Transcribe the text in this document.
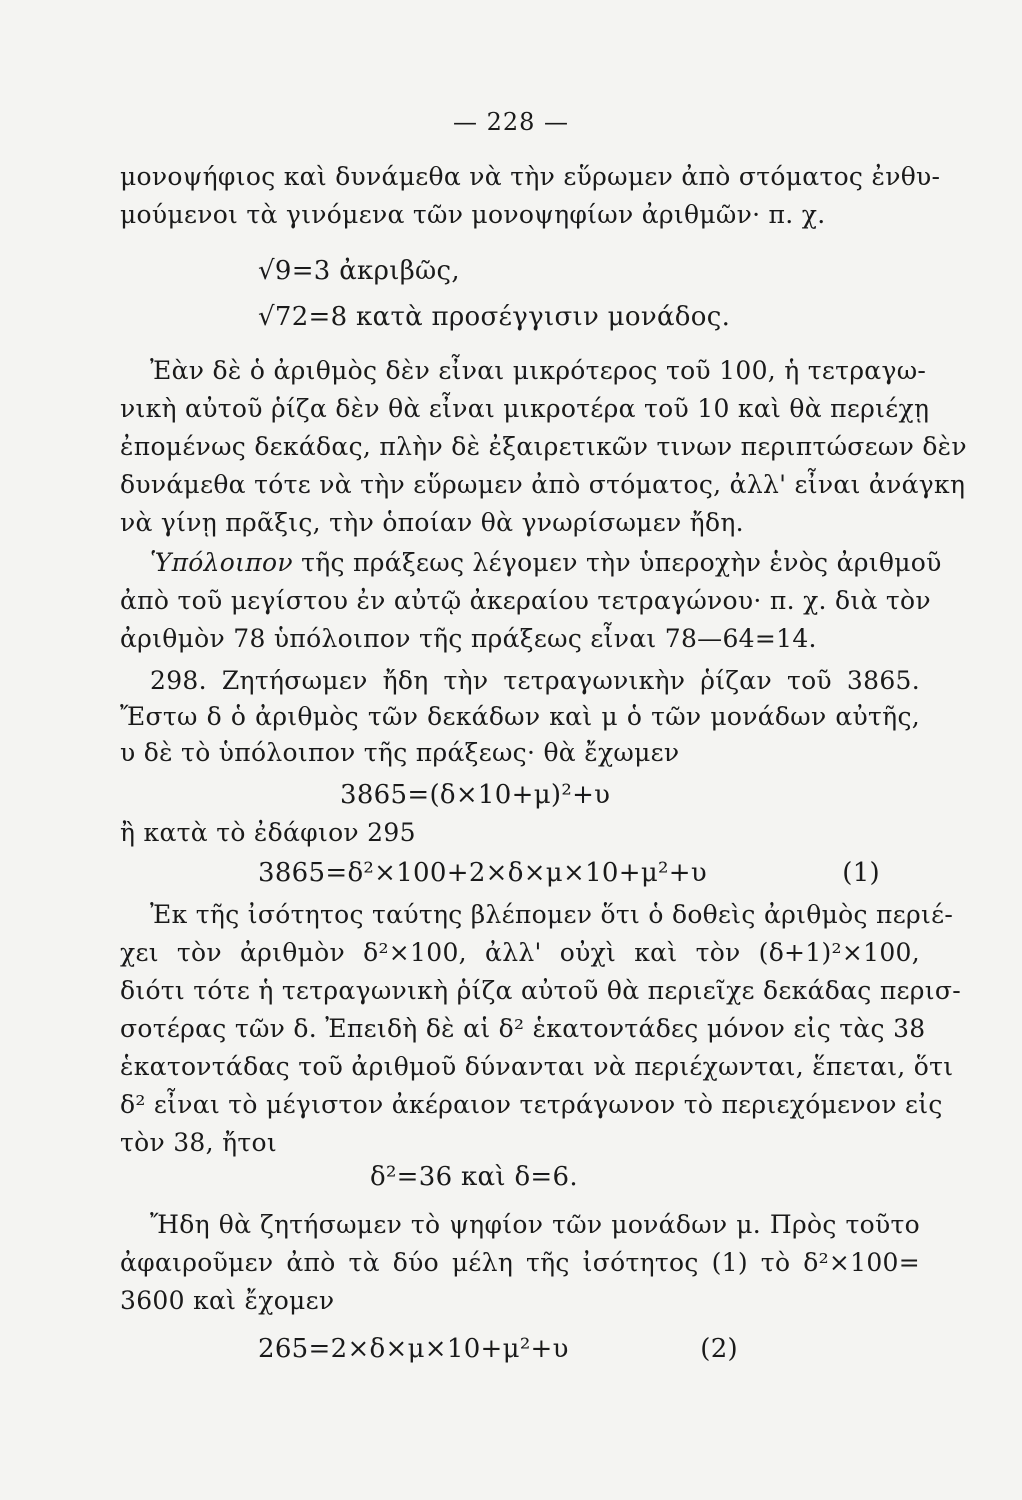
— 228 —
μονοψήφιος καὶ δυνάμεθα νὰ τὴν εὕρωμεν ἀπὸ στόματος ἐνθυ-
μούμενοι τὰ γινόμενα τῶν μονοψηφίων ἀριθμῶν· π. χ.
√9=3 ἀκριβῶς,
√72=8 κατὰ προσέγγισιν μονάδος.
Ἐὰν δὲ ὁ ἀριθμὸς δὲν εἶναι μικρότερος τοῦ 100, ἡ τετραγω-
νικὴ αὐτοῦ ῥίζα δὲν θὰ εἶναι μικροτέρα τοῦ 10 καὶ θὰ περιέχῃ
ἐπομένως δεκάδας, πλὴν δὲ ἐξαιρετικῶν τινων περιπτώσεων δὲν
δυνάμεθα τότε νὰ τὴν εὕρωμεν ἀπὸ στόματος, ἀλλ' εἶναι ἀνάγκη
νὰ γίνῃ πρᾶξις, τὴν ὁποίαν θὰ γνωρίσωμεν ἤδη.
Ὑπόλοιπον τῆς πράξεως λέγομεν τὴν ὑπεροχὴν ἑνὸς ἀριθμοῦ
ἀπὸ τοῦ μεγίστου ἐν αὐτῷ ἀκεραίου τετραγώνου· π. χ. διὰ τὸν
ἀριθμὸν 78 ὑπόλοιπον τῆς πράξεως εἶναι 78—64=14.
298. Ζητήσωμεν ἤδη τὴν τετραγωνικὴν ῥίζαν τοῦ 3865.
Ἔστω δ ὁ ἀριθμὸς τῶν δεκάδων καὶ μ ὁ τῶν μονάδων αὐτῆς,
υ δὲ τὸ ὑπόλοιπον τῆς πράξεως· θὰ ἔχωμεν
3865=(δ×10+μ)²+υ
ἢ κατὰ τὸ ἐδάφιον 295
3865=δ²×100+2×δ×μ×10+μ²+υ	(1)
Ἐκ τῆς ἰσότητος ταύτης βλέπομεν ὅτι ὁ δοθεὶς ἀριθμὸς περιέ-
χει τὸν ἀριθμὸν δ²×100, ἀλλ' οὐχὶ καὶ τὸν (δ+1)²×100,
διότι τότε ἡ τετραγωνικὴ ῥίζα αὐτοῦ θὰ περιεῖχε δεκάδας περισ-
σοτέρας τῶν δ. Ἐπειδὴ δὲ αἱ δ² ἑκατοντάδες μόνον εἰς τὰς 38
ἑκατοντάδας τοῦ ἀριθμοῦ δύνανται νὰ περιέχωνται, ἕπεται, ὅτι
δ² εἶναι τὸ μέγιστον ἀκέραιον τετράγωνον τὸ περιεχόμενον εἰς
τὸν 38, ἤτοι
δ²=36 καὶ δ=6.
Ἤδη θὰ ζητήσωμεν τὸ ψηφίον τῶν μονάδων μ. Πρὸς τοῦτο
ἀφαιροῦμεν ἀπὸ τὰ δύο μέλη τῆς ἰσότητος (1) τὸ δ²×100=
3600 καὶ ἔχομεν
265=2×δ×μ×10+μ²+υ	(2)
